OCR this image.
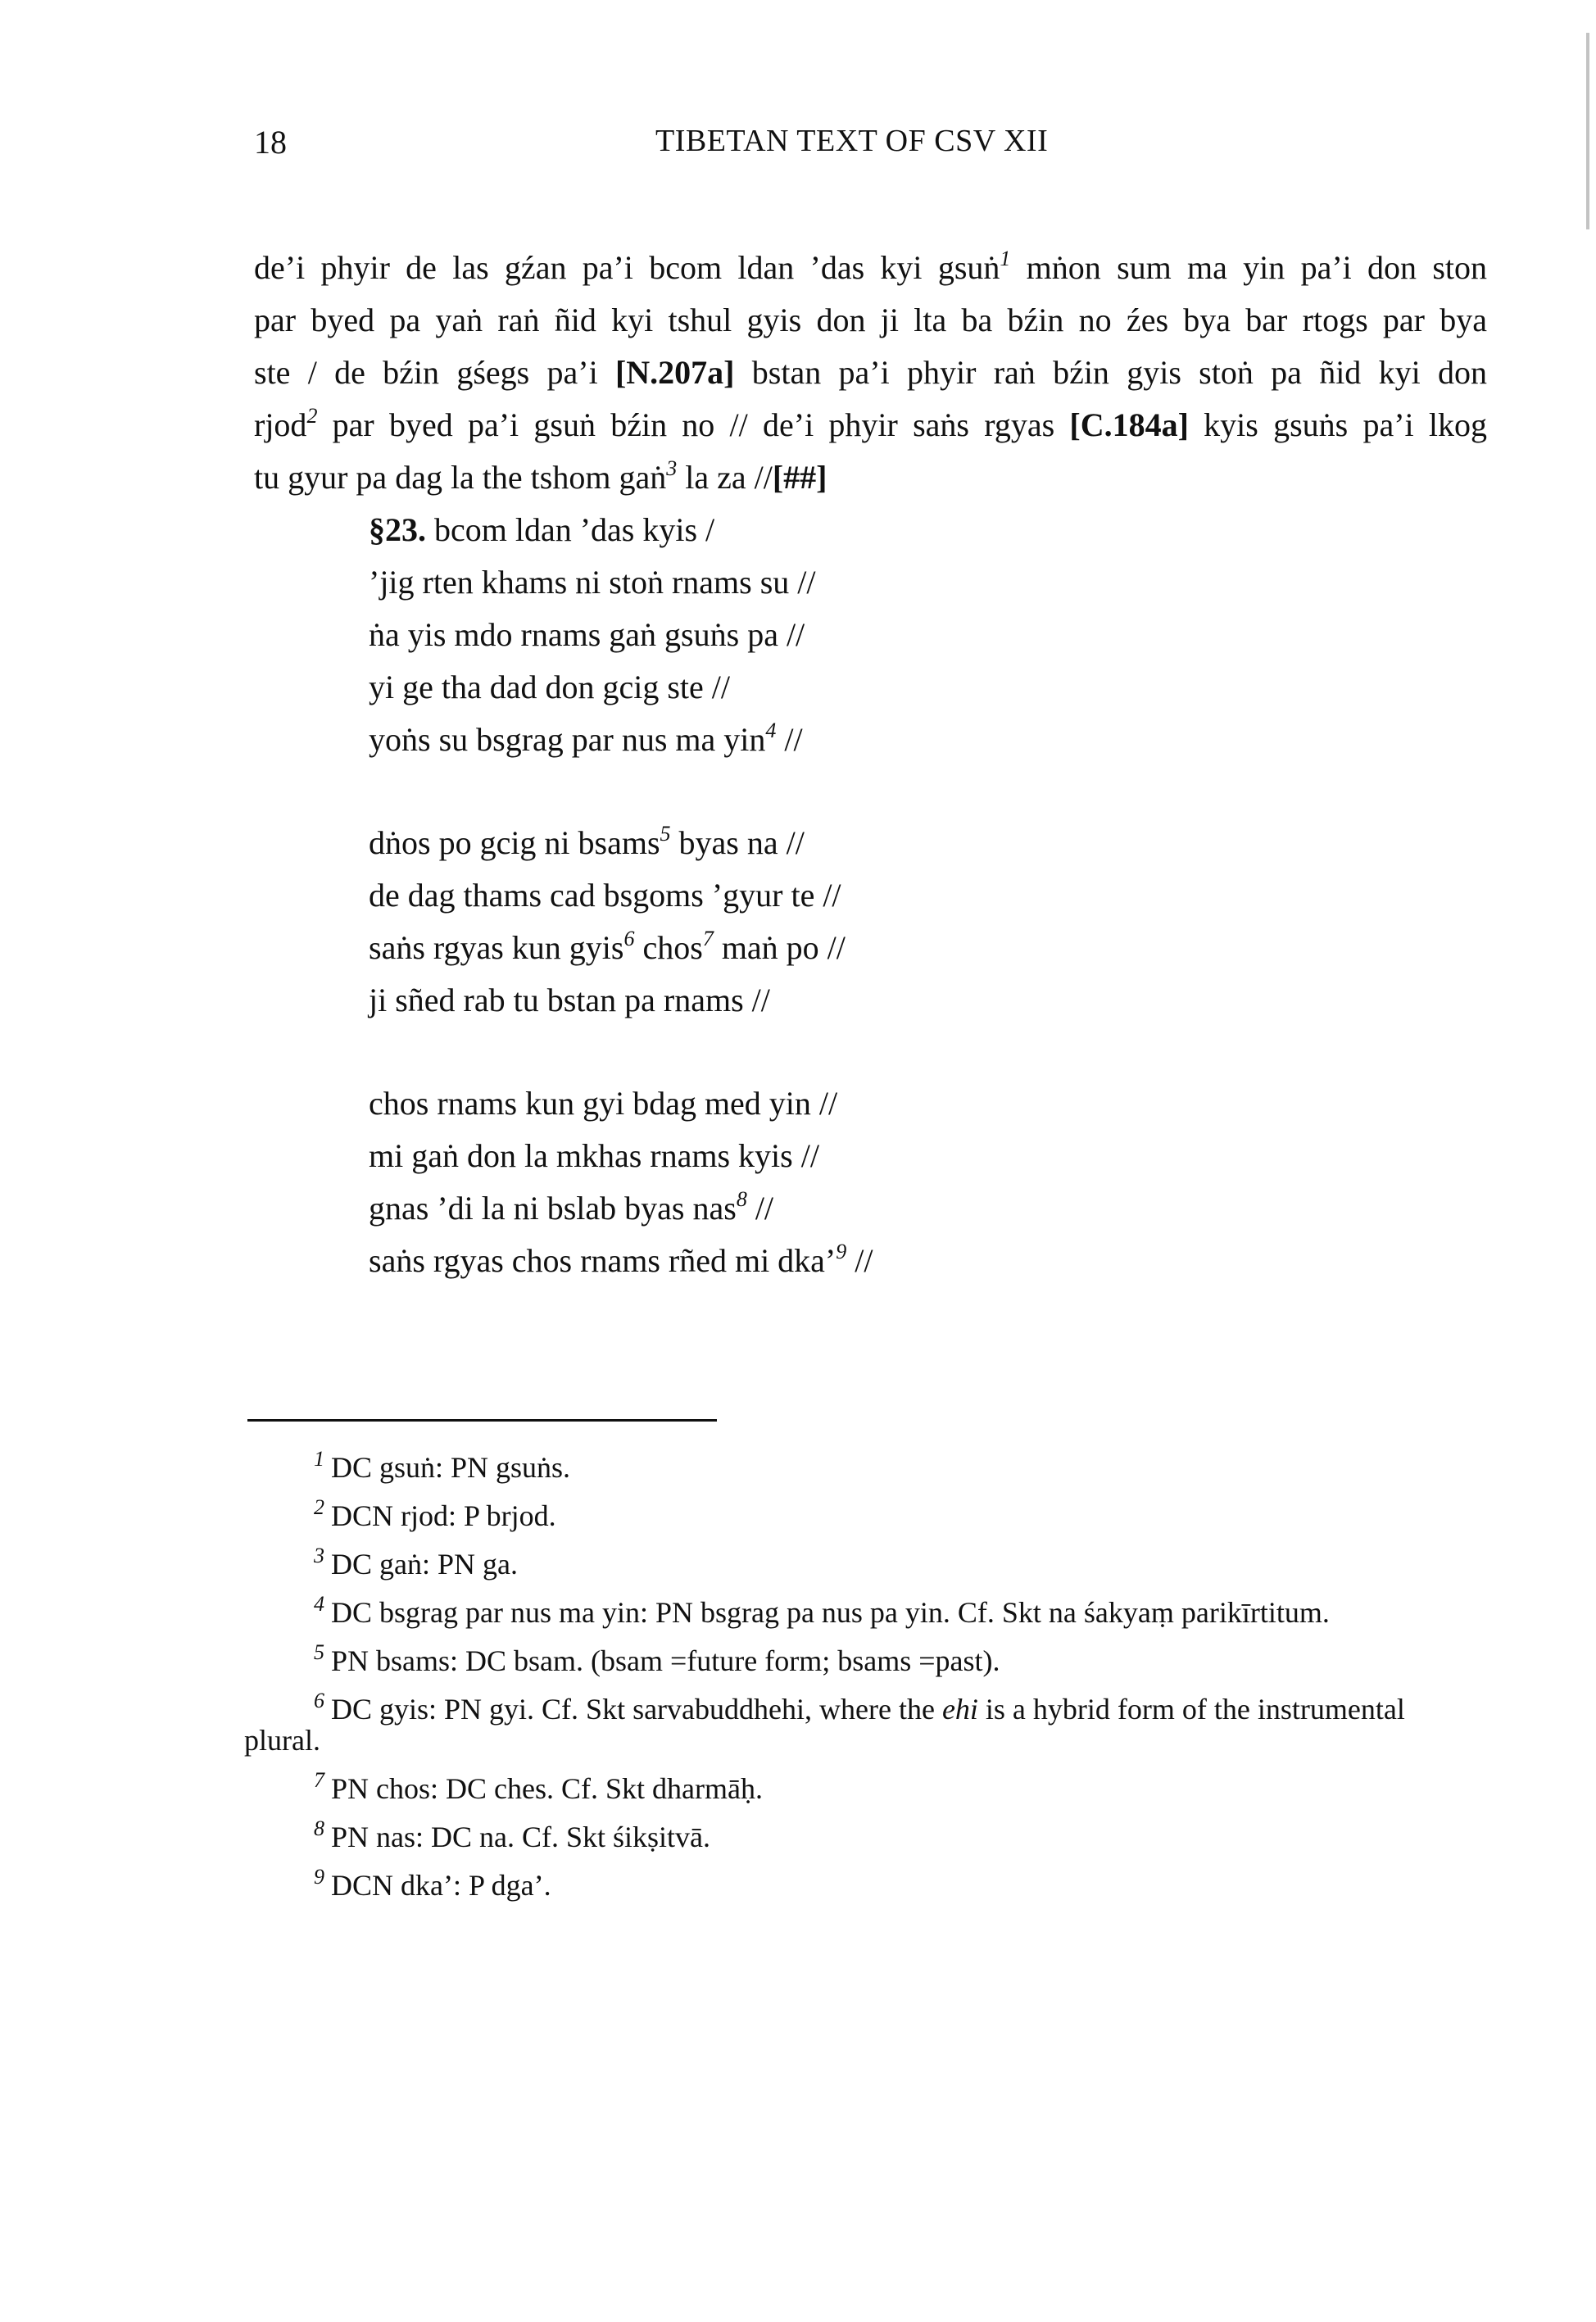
18	TIBETAN TEXT OF CSV XII
de’i phyir de las gźan pa’i bcom ldan ’das kyi gsuṅ$^1$ mṅon sum ma yin pa’i don ston
par byed pa yaṅ raṅ ñid kyi tshul gyis don ji lta ba bźin no źes bya bar rtogs par bya
ste / de bźin gśegs pa’i [N.207a] bstan pa’i phyir raṅ bźin gyis stoṅ pa ñid kyi don
rjod$^2$ par byed pa’i gsuṅ bźin no // de’i phyir saṅs rgyas [C.184a] kyis gsuṅs pa’i lkog
tu gyur pa dag la the tshom gaṅ$^3$ la za //[##]
§23. bcom ldan ’das kyis /
’jig rten khams ni stoṅ rnams su //
ṅa yis mdo rnams gaṅ gsuṅs pa //
yi ge tha dad don gcig ste //
yoṅs su bsgrag par nus ma yin$^4$ //
dṅos po gcig ni bsams$^5$ byas na //
de dag thams cad bsgoms ’gyur te //
saṅs rgyas kun gyis$^6$ chos$^7$ maṅ po //
ji sñed rab tu bstan pa rnams //
chos rnams kun gyi bdag med yin //
mi gaṅ don la mkhas rnams kyis //
gnas ’di la ni bslab byas nas$^8$ //
saṅs rgyas chos rnams rñed mi dka’$^9$ //
$^1$ DC gsuṅ: PN gsuṅs.
$^2$ DCN rjod: P brjod.
$^3$ DC gaṅ: PN ga.
$^4$ DC bsgrag par nus ma yin: PN bsgrag pa nus pa yin. Cf. Skt na śakyaṃ parikīrtitum.
$^5$ PN bsams: DC bsam. (bsam =future form; bsams =past).
$^6$ DC gyis: PN gyi. Cf. Skt sarvabuddhehi, where the ehi is a hybrid form of the instrumental plural.
$^7$ PN chos: DC ches. Cf. Skt dharmāḥ.
$^8$ PN nas: DC na. Cf. Skt śikṣitvā.
$^9$ DCN dka’: P dga’.
